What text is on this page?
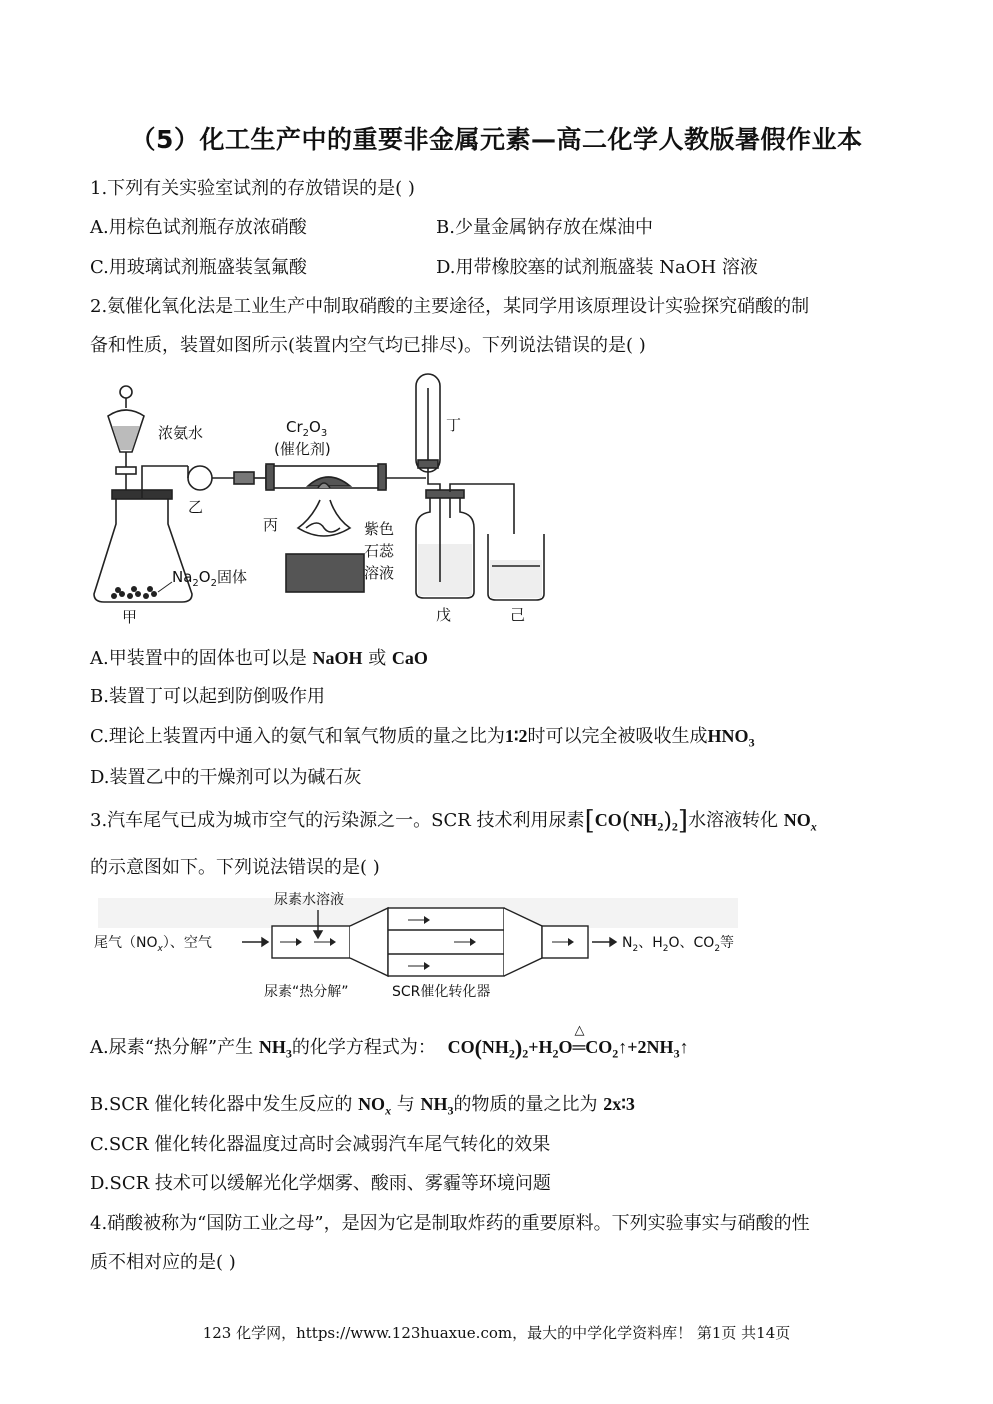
（5）化工生产中的重要非金属元素—高二化学人教版暑假作业本
1.下列有关实验室试剂的存放错误的是( )
A.用棕色试剂瓶存放浓硝酸	B.少量金属钠存放在煤油中
C.用玻璃试剂瓶盛装氢氟酸	D.用带橡胶塞的试剂瓶盛装 NaOH 溶液
2.氨催化氧化法是工业生产中制取硝酸的主要途径，某同学用该原理设计实验探究硝酸的制
备和性质，装置如图所示(装置内空气均已排尽)。下列说法错误的是( )
浓氨水	$Cr_2O_3$
(催化剂)
丁
乙
丙	紫色
石蕊
溶液
$Na_2O_2$固体
甲	戊	己
A.甲装置中的固体也可以是 NaOH 或 CaO
B.装置丁可以起到防倒吸作用
C.理论上装置丙中通入的氨气和氧气物质的量之比为1∶2时可以完全被吸收生成$HNO_3$
D.装置乙中的干燥剂可以为碱石灰
3.汽车尾气已成为城市空气的污染源之一。SCR 技术利用尿素$[CO(NH_2)_2]$水溶液转化 $NO_x$
的示意图如下。下列说法错误的是( )
尿素水溶液
尾气$(NO_x)$、空气	$N_2$、$H_2O$、$CO_2$等
尿素“热分解”	SCR催化转化器
A.尿素“热分解”产生 $NH_3$的化学方程式为： $CO(NH_2)_2+H_2O$
△
$═CO_2↑+2NH_3↑$
B.SCR 催化转化器中发生反应的 $NO_x$ 与 $NH_3$的物质的量之比为 2x∶3
C.SCR 催化转化器温度过高时会减弱汽车尾气转化的效果
D.SCR 技术可以缓解光化学烟雾、酸雨、雾霾等环境问题
4.硝酸被称为“国防工业之母”，是因为它是制取炸药的重要原料。下列实验事实与硝酸的性
质不相对应的是( )
123 化学网，https://www.123huaxue.com，最大的中学化学资料库！ 第1页 共14页
